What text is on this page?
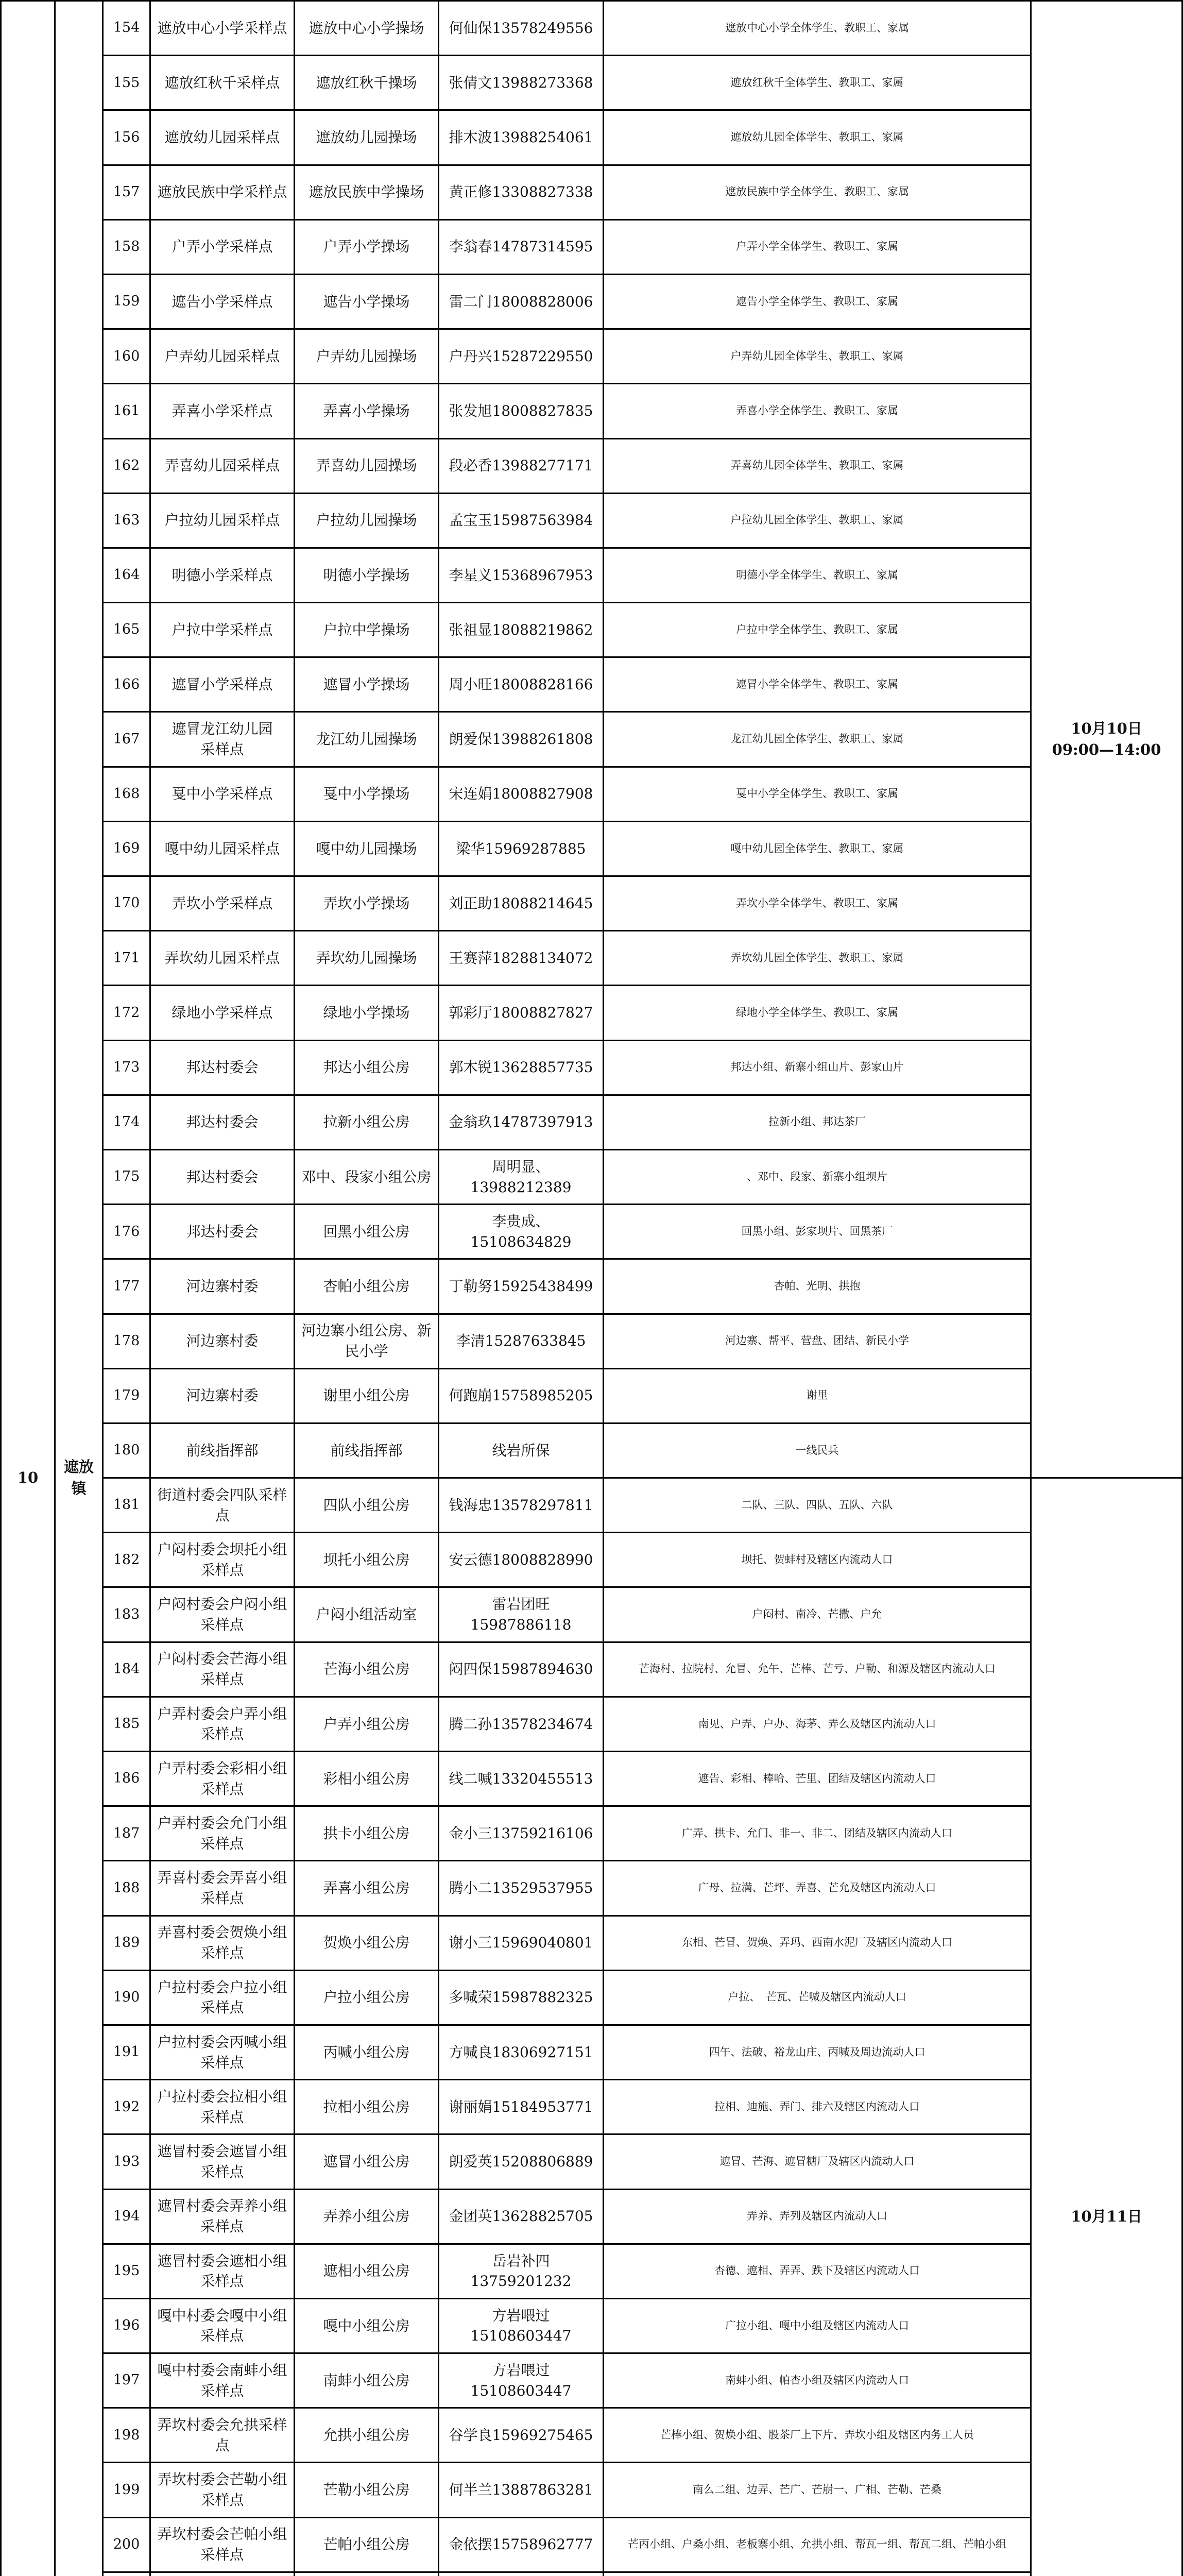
10	遮放镇	154	遮放中心小学采样点	遮放中心小学操场	何仙保13578249556	遮放中心小学全体学生、教职工、家属	10月10日
09:00—14:00

		155	遮放红秋千采样点	遮放红秋千操场	张倩文13988273368	遮放红秋千全体学生、教职工、家属	
		156	遮放幼儿园采样点	遮放幼儿园操场	排木波13988254061	遮放幼儿园全体学生、教职工、家属	
		157	遮放民族中学采样点	遮放民族中学操场	黄正修13308827338	遮放民族中学全体学生、教职工、家属	
		158	户弄小学采样点	户弄小学操场	李翁春14787314595	户弄小学全体学生、教职工、家属	
		159	遮告小学采样点	遮告小学操场	雷二门18008828006	遮告小学全体学生、教职工、家属	
		160	户弄幼儿园采样点	户弄幼儿园操场	户丹兴15287229550	户弄幼儿园全体学生、教职工、家属	
		161	弄喜小学采样点	弄喜小学操场	张发旭18008827835	弄喜小学全体学生、教职工、家属	
		162	弄喜幼儿园采样点	弄喜幼儿园操场	段必香13988277171	弄喜幼儿园全体学生、教职工、家属	
		163	户拉幼儿园采样点	户拉幼儿园操场	孟宝玉15987563984	户拉幼儿园全体学生、教职工、家属	
		164	明德小学采样点	明德小学操场	李星义15368967953	明德小学全体学生、教职工、家属	
		165	户拉中学采样点	户拉中学操场	张祖显18088219862	户拉中学全体学生、教职工、家属	
		166	遮冒小学采样点	遮冒小学操场	周小旺18008828166	遮冒小学全体学生、教职工、家属	
		167	遮冒龙江幼儿园　　采样点	龙江幼儿园操场	朗爱保13988261808	龙江幼儿园全体学生、教职工、家属	
		168	戛中小学采样点	戛中小学操场	宋连娟18008827908	戛中小学全体学生、教职工、家属	
		169	嘎中幼儿园采样点	嘎中幼儿园操场	梁华15969287885	嘎中幼儿园全体学生、教职工、家属	
		170	弄坎小学采样点	弄坎小学操场	刘正助18088214645	弄坎小学全体学生、教职工、家属	
		171	弄坎幼儿园采样点	弄坎幼儿园操场	王赛萍18288134072	弄坎幼儿园全体学生、教职工、家属	
		172	绿地小学采样点	绿地小学操场	郭彩厅18008827827	绿地小学全体学生、教职工、家属	
		173	邦达村委会	邦达小组公房	郭木锐13628857735	邦达小组、新寨小组山片、彭家山片	
		174	邦达村委会	拉新小组公房	金翁玖14787397913	拉新小组、邦达茶厂	
		175	邦达村委会	邓中、段家小组公房	周明显、13988212389	、邓中、段家、新寨小组坝片	
		176	邦达村委会	回黑小组公房	李贵成、15108634829	回黑小组、彭家坝片、回黑茶厂	
		177	河边寨村委	杏帕小组公房	丁勒努15925438499	杏帕、光明、拱抱	
		178	河边寨村委	河边寨小组公房、新民小学	李清15287633845	河边寨、帮平、营盘、团结、新民小学	
		179	河边寨村委	谢里小组公房	何跑崩15758985205	谢里	
		180	前线指挥部	前线指挥部	线岩所保	一线民兵	
		181	街道村委会四队采样点	四队小组公房	钱海忠13578297811	二队、三队、四队、五队、六队	10月11日
		182	户闷村委会坝托小组采样点	坝托小组公房	安云德18008828990	坝托、贺蚌村及辖区内流动人口	
		183	户闷村委会户闷小组采样点	户闷小组活动室	雷岩团旺15987886118	户闷村、南冷、芒撒、户允	
		184	户闷村委会芒海小组采样点	芒海小组公房	闷四保15987894630	芒海村、拉院村、允冒、允午、芒棒、芒亏、户勒、和源及辖区内流动人口	
		185	户弄村委会户弄小组采样点	户弄小组公房	腾二孙13578234674	南见、户弄、户办、海茅、弄么及辖区内流动人口	
		186	户弄村委会彩相小组采样点	彩相小组公房	线二喊13320455513	遮告、彩相、棒哈、芒里、团结及辖区内流动人口	
		187	户弄村委会允门小组采样点	拱卡小组公房	金小三13759216106	广弄、拱卡、允门、非一、非二、团结及辖区内流动人口	
		188	弄喜村委会弄喜小组采样点	弄喜小组公房	腾小二13529537955	广母、拉满、芒坪、弄喜、芒允及辖区内流动人口	
		189	弄喜村委会贺焕小组采样点	贺焕小组公房	谢小三15969040801	东相、芒冒、贺焕、弄玛、西南水泥厂及辖区内流动人口	
		190	户拉村委会户拉小组采样点	户拉小组公房	多喊荣15987882325	户拉、　芒瓦、芒喊及辖区内流动人口	
		191	户拉村委会丙喊小组采样点	丙喊小组公房	方喊良18306927151	四午、法破、裕龙山庄、丙喊及周边流动人口	
		192	户拉村委会拉相小组采样点	拉相小组公房	谢丽娟15184953771	拉相、迪施、弄门、排六及辖区内流动人口	
		193	遮冒村委会遮冒小组采样点	遮冒小组公房	朗爱英15208806889	遮冒、芒海、遮冒糖厂及辖区内流动人口	
		194	遮冒村委会弄养小组采样点	弄养小组公房	金团英13628825705	弄养、弄列及辖区内流动人口	
		195	遮冒村委会遮相小组采样点	遮相小组公房	岳岩补四13759201232	杏德、遮相、弄弄、跌下及辖区内流动人口	
		196	嘎中村委会嘎中小组采样点	嘎中小组公房	方岩喂过15108603447	广拉小组、嘎中小组及辖区内流动人口	
		197	嘎中村委会南蚌小组采样点	南蚌小组公房	方岩喂过15108603447	南蚌小组、帕杏小组及辖区内流动人口	
		198	弄坎村委会允拱采样点	允拱小组公房	谷学良15969275465	芒棒小组、贺焕小组、股茶厂上下片、弄坎小组及辖区内务工人员	
		199	弄坎村委会芒勒小组采样点	芒勒小组公房	何半兰13887863281	南么二组、边弄、芒广、芒崩一、广相、芒勒、芒桑	
		200	弄坎村委会芒帕小组采样点	芒帕小组公房	金依摆15758962777	芒丙小组、户桑小组、老板寨小组、允拱小组、帮瓦一组、帮瓦二组、芒帕小组	
